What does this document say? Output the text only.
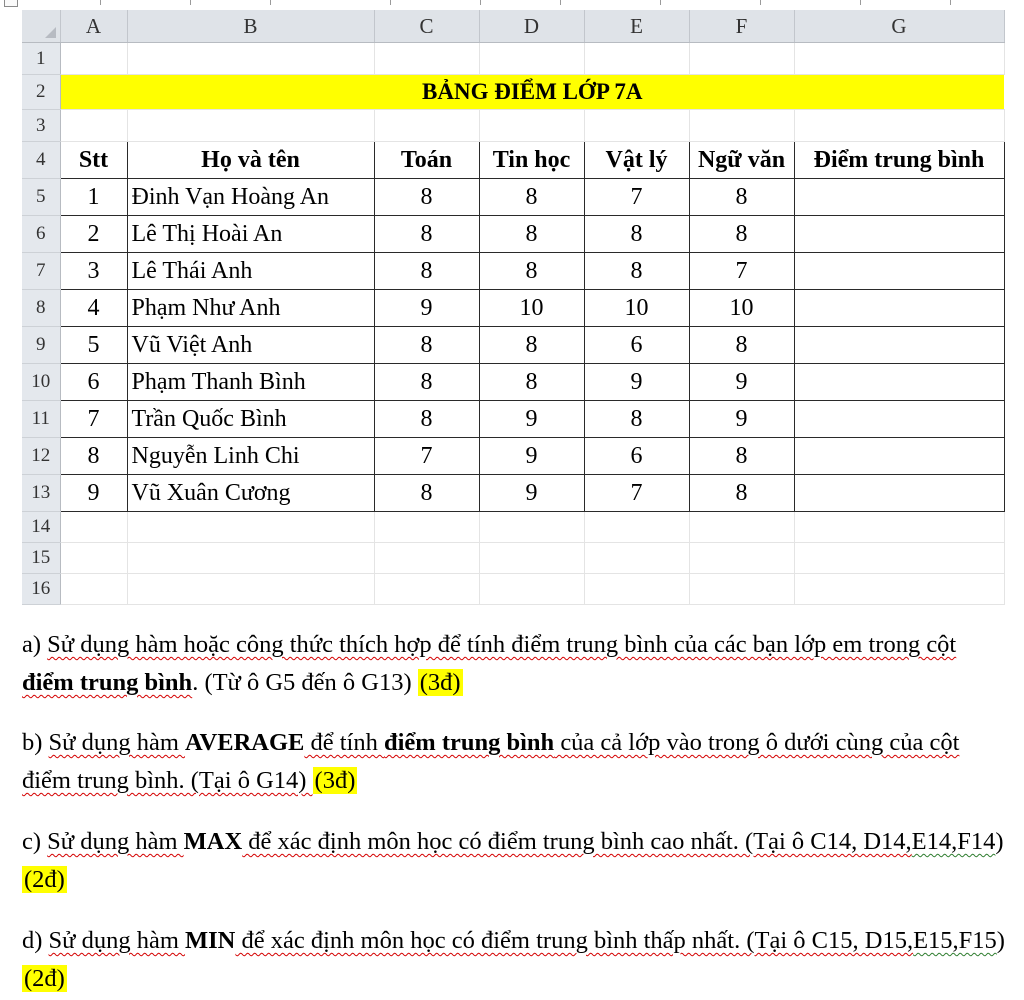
	A	B	C	D	E	F	G
1							
2	BẢNG ĐIỂM LỚP 7A						
3							
4	Stt	Họ và tên	Toán	Tin học	Vật lý	Ngữ văn	Điểm trung bình
5	1	Đinh Vạn Hoàng An	8	8	7	8	
6	2	Lê Thị Hoài An	8	8	8	8	
7	3	Lê Thái Anh	8	8	8	7	
8	4	Phạm Như Anh	9	10	10	10	
9	5	Vũ Việt Anh	8	8	6	8	
10	6	Phạm Thanh Bình	8	8	9	9	
11	7	Trần Quốc Bình	8	9	8	9	
12	8	Nguyễn Linh Chi	7	9	6	8	
13	9	Vũ Xuân Cương	8	9	7	8	
14							
15							
16							

a) Sử dụng hàm hoặc công thức thích hợp để tính điểm trung bình của các bạn lớp em trong cột điểm trung bình. (Từ ô G5 đến ô G13) (3đ)

b) Sử dụng hàm AVERAGE để tính điểm trung bình của cả lớp vào trong ô dưới cùng của cột điểm trung bình. (Tại ô G14) (3đ)

c) Sử dụng hàm MAX để xác định môn học có điểm trung bình cao nhất. (Tại ô C14, D14,E14,F14) (2đ)

d) Sử dụng hàm MIN để xác định môn học có điểm trung bình thấp nhất. (Tại ô C15, D15,E15,F15) (2đ)
